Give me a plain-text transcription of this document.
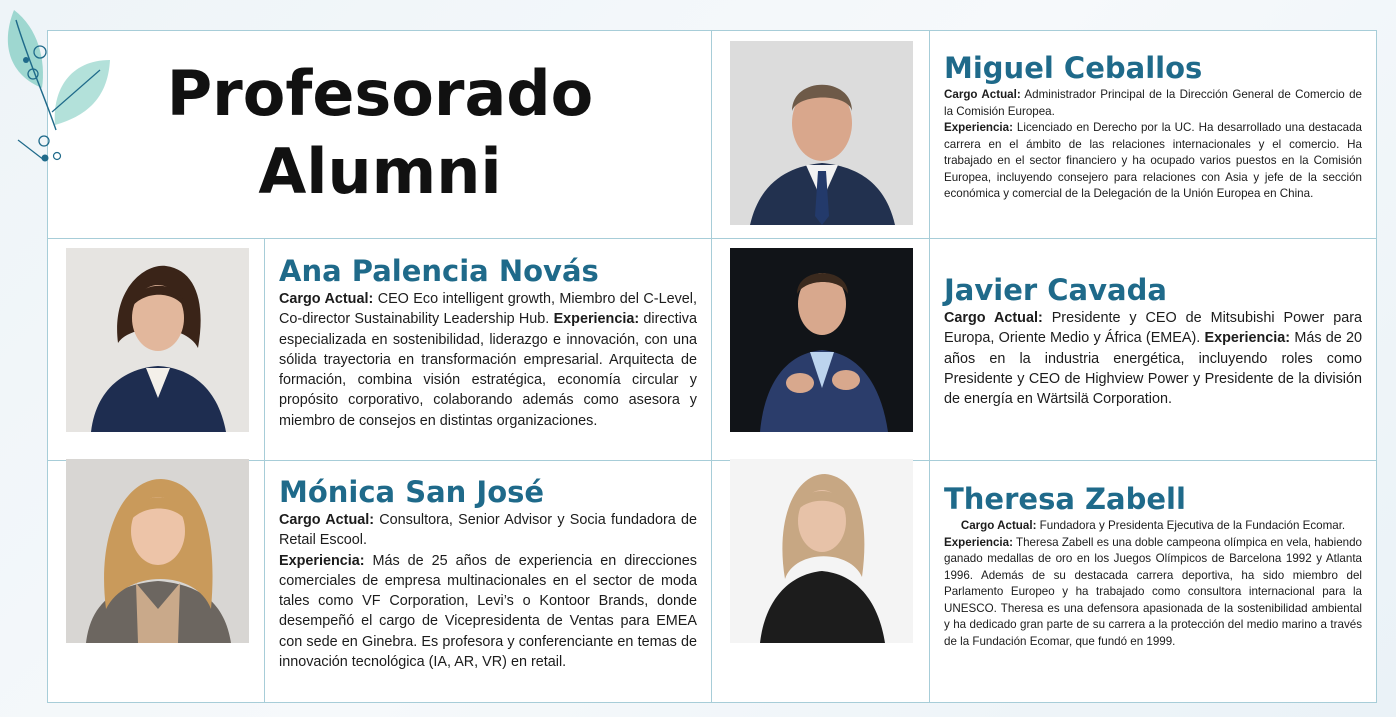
Profesorado
Alumni
Miguel Ceballos

Cargo Actual: Administrador Principal de la Dirección General de Comercio de la Comisión Europea.

Experiencia: Licenciado en Derecho por la UC. Ha desarrollado una destacada carrera en el ámbito de las relaciones internacionales y el comercio. Ha trabajado en el sector financiero y ha ocupado varios puestos en la Comisión Europea, incluyendo consejero para relaciones con Asia y jefe de la sección económica y comercial de la Delegación de la Unión Europea en China.

Ana Palencia Novás

Cargo Actual: CEO Eco intelligent growth, Miembro del C-Level, Co-director Sustainability Leadership Hub. Experiencia: directiva especializada en sostenibilidad, liderazgo e innovación, con una sólida trayectoria en transformación empresarial. Arquitecta de formación, combina visión estratégica, economía circular y propósito corporativo, colaborando además como asesora y miembro de consejos en distintas organizaciones.

Javier Cavada

Cargo Actual: Presidente y CEO de Mitsubishi Power para Europa, Oriente Medio y África (EMEA). Experiencia: Más de 20 años en la industria energética, incluyendo roles como Presidente y CEO de Highview Power y Presidente de la división de energía en Wärtsilä Corporation.

Mónica San José

Cargo Actual: Consultora, Senior Advisor y Socia fundadora de Retail Escool.

Experiencia: Más de 25 años de experiencia en direcciones comerciales de empresa multinacionales en el sector de moda tales como VF Corporation, Levi’s o Kontoor Brands, donde desempeñó el cargo de Vicepresidenta de Ventas para EMEA con sede en Ginebra. Es profesora y conferenciante en temas de innovación tecnológica (IA, AR, VR) en retail.

Theresa Zabell

Cargo Actual: Fundadora y Presidenta Ejecutiva de la Fundación Ecomar.

Experiencia: Theresa Zabell es una doble campeona olímpica en vela, habiendo ganado medallas de oro en los Juegos Olímpicos de Barcelona 1992 y Atlanta 1996. Además de su destacada carrera deportiva, ha sido miembro del Parlamento Europeo y ha trabajado como consultora internacional para la UNESCO. Theresa es una defensora apasionada de la sostenibilidad ambiental y ha dedicado gran parte de su carrera a la protección del medio marino a través de la Fundación Ecomar, que fundó en 1999.
